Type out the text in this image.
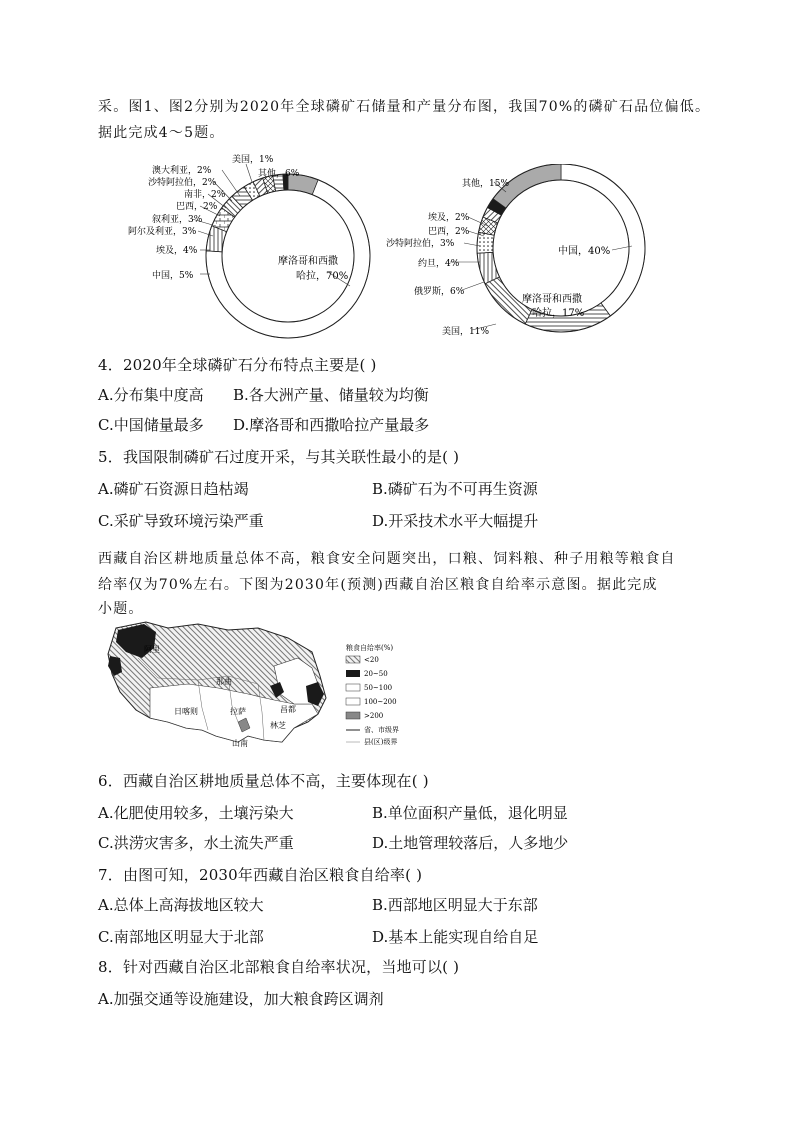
采。图1、图2分别为2020年全球磷矿石储量和产量分布图，我国70%的磷矿石品位偏低。
据此完成4～5题。
摩洛哥和西撒
哈拉，70%
中国，5%
埃及，4%
阿尔及利亚，3%
叙利亚，3%
巴西，2%
南非，2%
沙特阿拉伯，2%
澳大利亚，2%
美国，1%
其他，6%
中国，40%
摩洛哥和西撒
哈拉，17%
美国，11%
俄罗斯，6%
约旦，4%
沙特阿拉伯，3%
巴西，2%
埃及，2%
其他，15%
4．2020年全球磷矿石分布特点主要是( )
A.分布集中度高 B.各大洲产量、储量较为均衡
C.中国储量最多 D.摩洛哥和西撒哈拉产量最多
5．我国限制磷矿石过度开采，与其关联性最小的是( )
A.磷矿石资源日趋枯竭	B.磷矿石为不可再生资源
C.采矿导致环境污染严重	D.开采技术水平大幅提升
西藏自治区耕地质量总体不高，粮食安全问题突出，口粮、饲料粮、种子用粮等粮食自
给率仅为70%左右。下图为2030年(预测)西藏自治区粮食自给率示意图。据此完成
小题。
阿里
那曲
日喀则	拉萨	昌都
林芝
山南
粮食自给率(%)
<20
20~50
50~100
100~200
>200
省、市级界
县(区)级界
6．西藏自治区耕地质量总体不高，主要体现在( )
A.化肥使用较多，土壤污染大	B.单位面积产量低，退化明显
C.洪涝灾害多，水土流失严重	D.土地管理较落后，人多地少
7．由图可知，2030年西藏自治区粮食自给率( )
A.总体上高海拔地区较大	B.西部地区明显大于东部
C.南部地区明显大于北部	D.基本上能实现自给自足
8．针对西藏自治区北部粮食自给率状况，当地可以( )
A.加强交通等设施建设，加大粮食跨区调剂
